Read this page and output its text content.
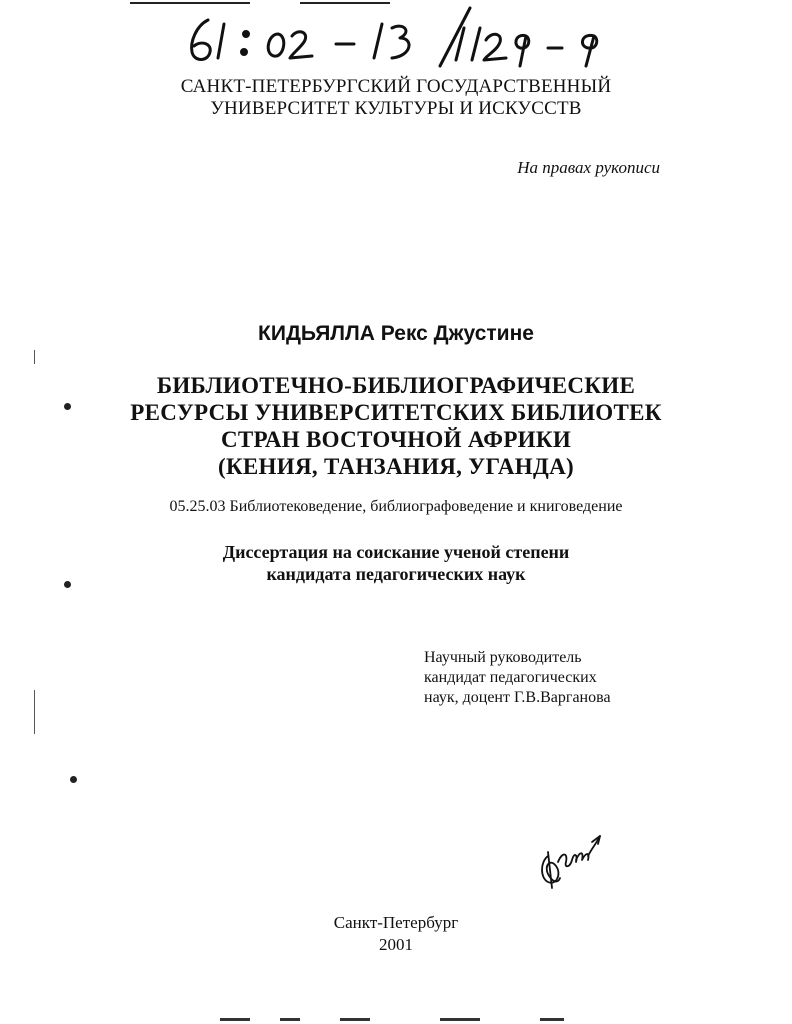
САНКТ-ПЕТЕРБУРГСКИЙ ГОСУДАРСТВЕННЫЙ
УНИВЕРСИТЕТ КУЛЬТУРЫ И ИСКУССТВ
На правах рукописи
КИДЬЯЛЛА Рекс Джустине
БИБЛИОТЕЧНО-БИБЛИОГРАФИЧЕСКИЕ
РЕСУРСЫ УНИВЕРСИТЕТСКИХ БИБЛИОТЕК
СТРАН ВОСТОЧНОЙ АФРИКИ
(КЕНИЯ, ТАНЗАНИЯ, УГАНДА)
05.25.03 Библиотековедение, библиографоведение и книговедение
Диссертация на соискание ученой степени
кандидата педагогических наук
Научный руководитель
кандидат педагогических
наук, доцент Г.В.Варганова
Санкт-Петербург
2001
